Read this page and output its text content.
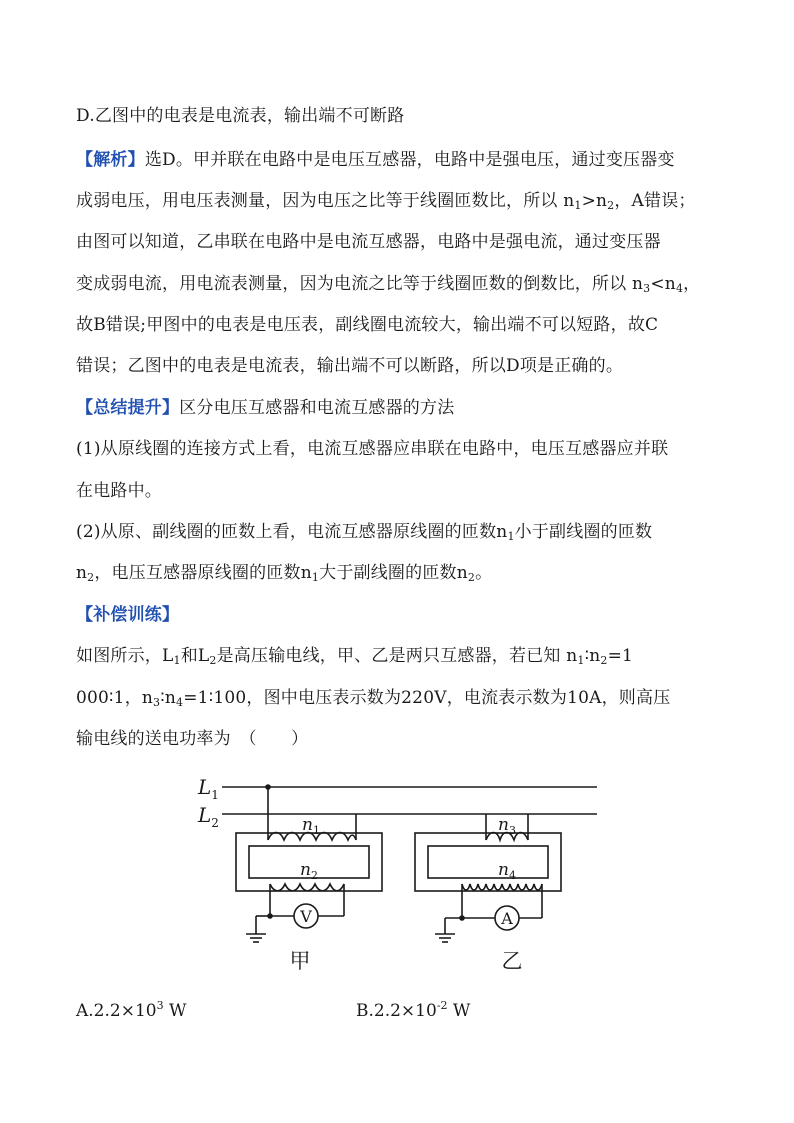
D.乙图中的电表是电流表，输出端不可断路
【解析】选D。甲并联在电路中是电压互感器，电路中是强电压，通过变压器变
成弱电压，用电压表测量，因为电压之比等于线圈匝数比，所以 $n_1>n_2$，A错误；
由图可以知道，乙串联在电路中是电流互感器，电路中是强电流，通过变压器
变成弱电流，用电流表测量，因为电流之比等于线圈匝数的倒数比，所以 $n_3<n_4$，
故B错误;甲图中的电表是电压表，副线圈电流较大，输出端不可以短路，故C
错误；乙图中的电表是电流表，输出端不可以断路，所以D项是正确的。
【总结提升】区分电压互感器和电流互感器的方法
(1)从原线圈的连接方式上看，电流互感器应串联在电路中，电压互感器应并联
在电路中。
(2)从原、副线圈的匝数上看，电流互感器原线圈的匝数$n_1$小于副线圈的匝数
$n_2$，电压互感器原线圈的匝数$n_1$大于副线圈的匝数$n_2$。
【补偿训练】
如图所示，$L_1$和$L_2$是高压输电线，甲、乙是两只互感器，若已知 $n_1∶n_2=1$
000∶1，$n_3∶n_4=1∶100$，图中电压表示数为220V，电流表示数为10A，则高压
输电线的送电功率为　（　　）
$L_1$
$L_2$	$n_1$
$n_2$
V
甲
$n_3$
$n_4$
A
乙
$A.2.2\times 10^3$ W	$B.2.2\times 10^{-2}$ W
